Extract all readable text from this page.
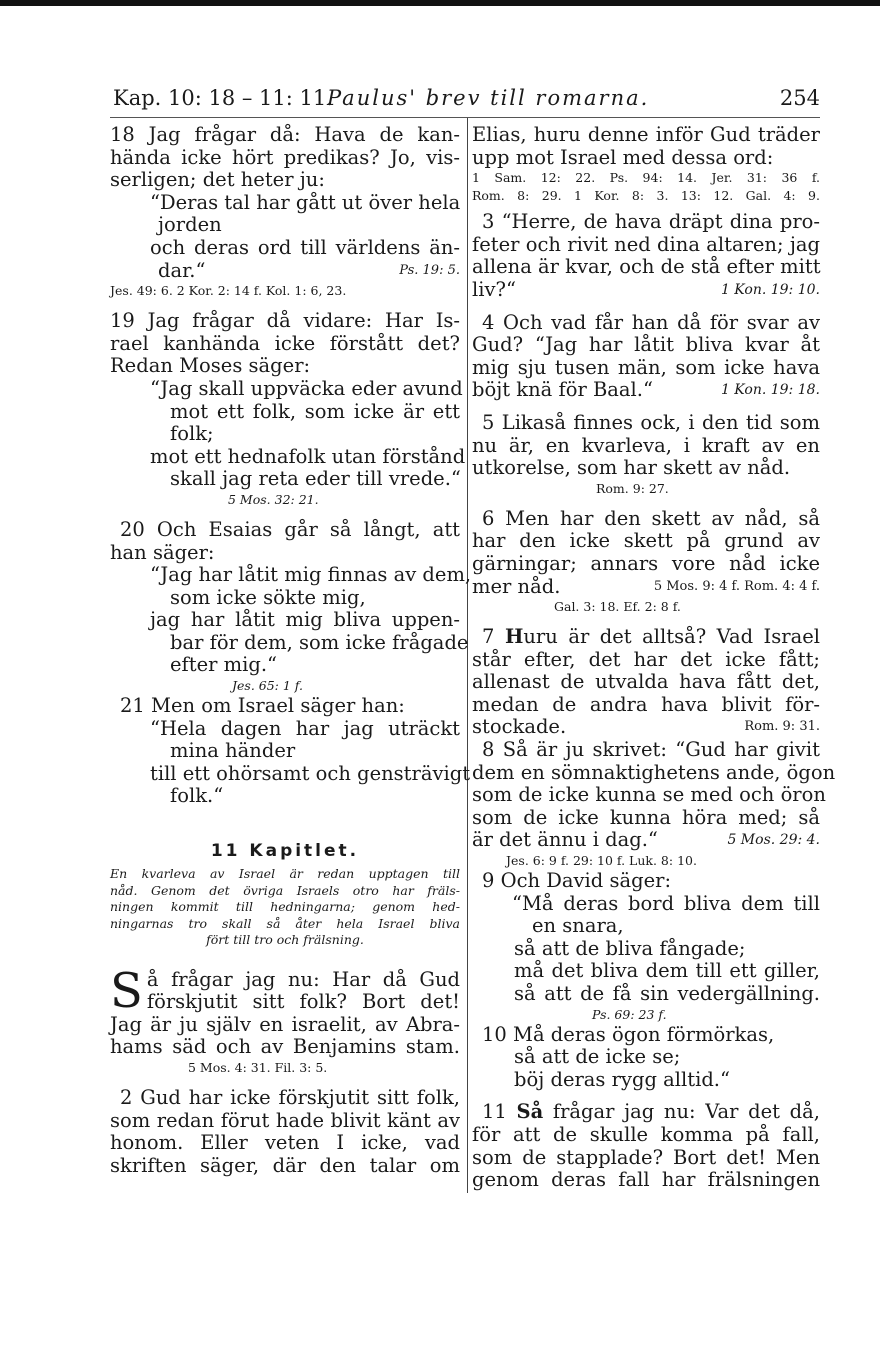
Kap. 10: 18 – 11: 11.
Paulus' brev till romarna.	254
18 Jag frågar då: Hava de kan-
hända icke hört predikas? Jo, vis-
serligen; det heter ju:
“Deras tal har gått ut över hela
jorden
och deras ord till världens än-
dar.“	Ps. 19: 5.
Jes. 49: 6. 2 Kor. 2: 14 f. Kol. 1: 6, 23.
19 Jag frågar då vidare: Har Is-
rael kanhända icke förstått det?
Redan Moses säger:
“Jag skall uppväcka eder avund
mot ett folk, som icke är ett
folk;
mot ett hednafolk utan förstånd
skall jag reta eder till vrede.“
5 Mos. 32: 21.
20 Och Esaias går så långt, att
han säger:
“Jag har låtit mig finnas av dem,
som icke sökte mig,
jag har låtit mig bliva uppen-
bar för dem, som icke frågade
efter mig.“
Jes. 65: 1 f.
21 Men om Israel säger han:
“Hela dagen har jag uträckt
mina händer
till ett ohörsamt och gensträvigt
folk.“
11 Kapitlet.
En kvarleva av Israel är redan upptagen till
nåd. Genom det övriga Israels otro har fräls-
ningen kommit till hedningarna; genom hed-
ningarnas tro skall så åter hela Israel bliva
fört till tro och frälsning.
S å frågar jag nu: Har då Gud
förskjutit sitt folk? Bort det!
Jag är ju själv en israelit, av Abra-
hams säd och av Benjamins stam.
5 Mos. 4: 31. Fil. 3: 5.
2 Gud har icke förskjutit sitt folk,
som redan förut hade blivit känt av
honom. Eller veten I icke, vad
skriften säger, där den talar om
Elias, huru denne inför Gud träder
upp mot Israel med dessa ord:
1 Sam. 12: 22. Ps. 94: 14. Jer. 31: 36 f.
Rom. 8: 29. 1 Kor. 8: 3. 13: 12. Gal. 4: 9.
3 “Herre, de hava dräpt dina pro-
feter och rivit ned dina altaren; jag
allena är kvar, och de stå efter mitt
liv?“	1 Kon. 19: 10.
4 Och vad får han då för svar av
Gud? “Jag har låtit bliva kvar åt
mig sju tusen män, som icke hava
böjt knä för Baal.“	1 Kon. 19: 18.
5 Likaså finnes ock, i den tid som
nu är, en kvarleva, i kraft av en
utkorelse, som har skett av nåd.
Rom. 9: 27.
6 Men har den skett av nåd, så
har den icke skett på grund av
gärningar; annars vore nåd icke
mer nåd.	5 Mos. 9: 4 f. Rom. 4: 4 f.
Gal. 3: 18. Ef. 2: 8 f.
7 Huru är det alltså? Vad Israel
står efter, det har det icke fått;
allenast de utvalda hava fått det,
medan de andra hava blivit för-
stockade.	Rom. 9: 31.
8 Så är ju skrivet: “Gud har givit
dem en sömnaktighetens ande, ögon
som de icke kunna se med och öron
som de icke kunna höra med; så
är det ännu i dag.“	5 Mos. 29: 4.
Jes. 6: 9 f. 29: 10 f. Luk. 8: 10.
9 Och David säger:
“Må deras bord bliva dem till
en snara,
så att de bliva fångade;
må det bliva dem till ett giller,
så att de få sin vedergällning.
Ps. 69: 23 f.
10 Må deras ögon förmörkas,
så att de icke se;
böj deras rygg alltid.“
11 Så frågar jag nu: Var det då,
för att de skulle komma på fall,
som de stapplade? Bort det! Men
genom deras fall har frälsningen
